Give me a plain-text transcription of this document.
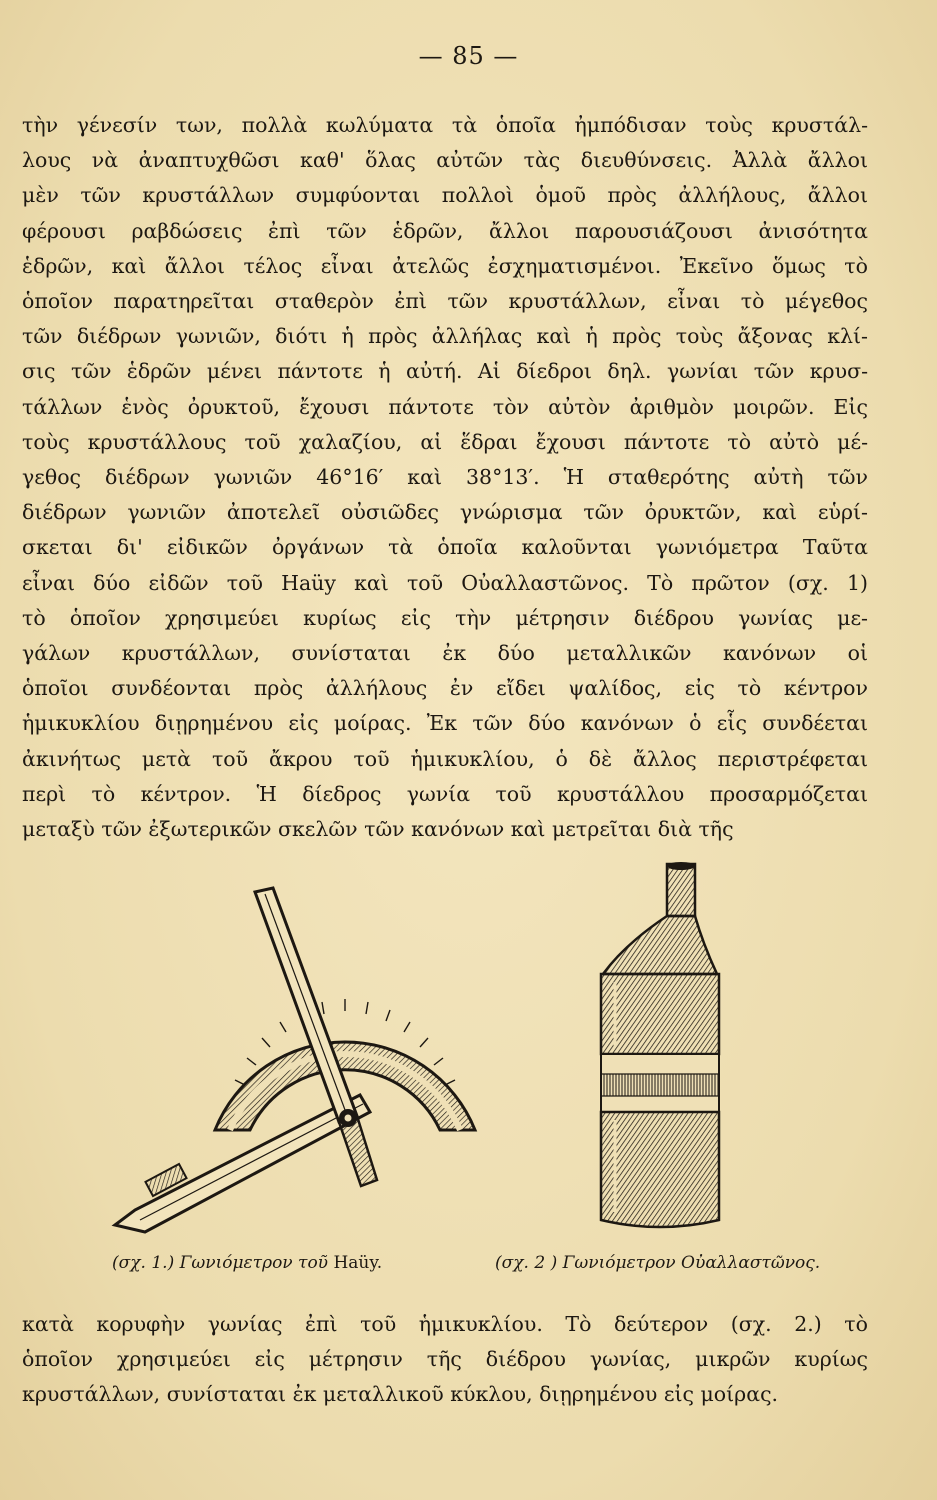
— 85 —
τὴν γένεσίν των, πολλὰ κωλύματα τὰ ὁποῖα ἠμπόδισαν τοὺς κρυστάλ-
λους νὰ ἀναπτυχθῶσι καθ' ὅλας αὐτῶν τὰς διευθύνσεις. Ἀλλὰ ἄλλοι
μὲν τῶν κρυστάλλων συμφύονται πολλοὶ ὁμοῦ πρὸς ἀλλήλους, ἄλλοι
φέρουσι ραβδώσεις ἐπὶ τῶν ἑδρῶν, ἄλλοι παρουσιάζουσι ἀνισότητα
ἑδρῶν, καὶ ἄλλοι τέλος εἶναι ἀτελῶς ἐσχηματισμένοι. Ἐκεῖνο ὅμως τὸ
ὁποῖον παρατηρεῖται σταθερὸν ἐπὶ τῶν κρυστάλλων, εἶναι τὸ μέγεθος
τῶν διέδρων γωνιῶν, διότι ἡ πρὸς ἀλλήλας καὶ ἡ πρὸς τοὺς ἄξονας κλί-
σις τῶν ἑδρῶν μένει πάντοτε ἡ αὐτή. Αἱ δίεδροι δηλ. γωνίαι τῶν κρυσ-
τάλλων ἑνὸς ὀρυκτοῦ, ἔχουσι πάντοτε τὸν αὐτὸν ἀριθμὸν μοιρῶν. Εἰς
τοὺς κρυστάλλους τοῦ χαλαζίου, αἱ ἕδραι ἔχουσι πάντοτε τὸ αὐτὸ μέ-
γεθος διέδρων γωνιῶν 46°16′ καὶ 38°13′. Ἡ σταθερότης αὐτὴ τῶν
διέδρων γωνιῶν ἀποτελεῖ οὐσιῶδες γνώρισμα τῶν ὀρυκτῶν, καὶ εὑρί-
σκεται δι' εἰδικῶν ὀργάνων τὰ ὁποῖα καλοῦνται γωνιόμετρα Ταῦτα
εἶναι δύο εἰδῶν τοῦ Haüy καὶ τοῦ Οὐαλλαστῶνος. Τὸ πρῶτον (σχ. 1)
τὸ ὁποῖον χρησιμεύει κυρίως εἰς τὴν μέτρησιν διέδρου γωνίας με-
γάλων κρυστάλλων, συνίσταται ἐκ δύο μεταλλικῶν κανόνων οἱ
ὁποῖοι συνδέονται πρὸς ἀλλήλους ἐν εἴδει ψαλίδος, εἰς τὸ κέντρον
ἡμικυκλίου διῃρημένου εἰς μοίρας. Ἐκ τῶν δύο κανόνων ὁ εἷς συνδέεται
ἀκινήτως μετὰ τοῦ ἄκρου τοῦ ἡμικυκλίου, ὁ δὲ ἄλλος περιστρέφεται
περὶ τὸ κέντρον. Ἡ δίεδρος γωνία τοῦ κρυστάλλου προσαρμόζεται
μεταξὺ τῶν ἐξωτερικῶν σκελῶν τῶν κανόνων καὶ μετρεῖται διὰ τῆς
(σχ. 1.) Γωνιόμετρον τοῦ Haüy.	(σχ. 2 ) Γωνιόμετρον Οὐαλλαστῶνος.
κατὰ κορυφὴν γωνίας ἐπὶ τοῦ ἡμικυκλίου. Τὸ δεύτερον (σχ. 2.) τὸ
ὁποῖον χρησιμεύει εἰς μέτρησιν τῆς διέδρου γωνίας, μικρῶν κυρίως
κρυστάλλων, συνίσταται ἐκ μεταλλικοῦ κύκλου, διῃρημένου εἰς μοίρας.
